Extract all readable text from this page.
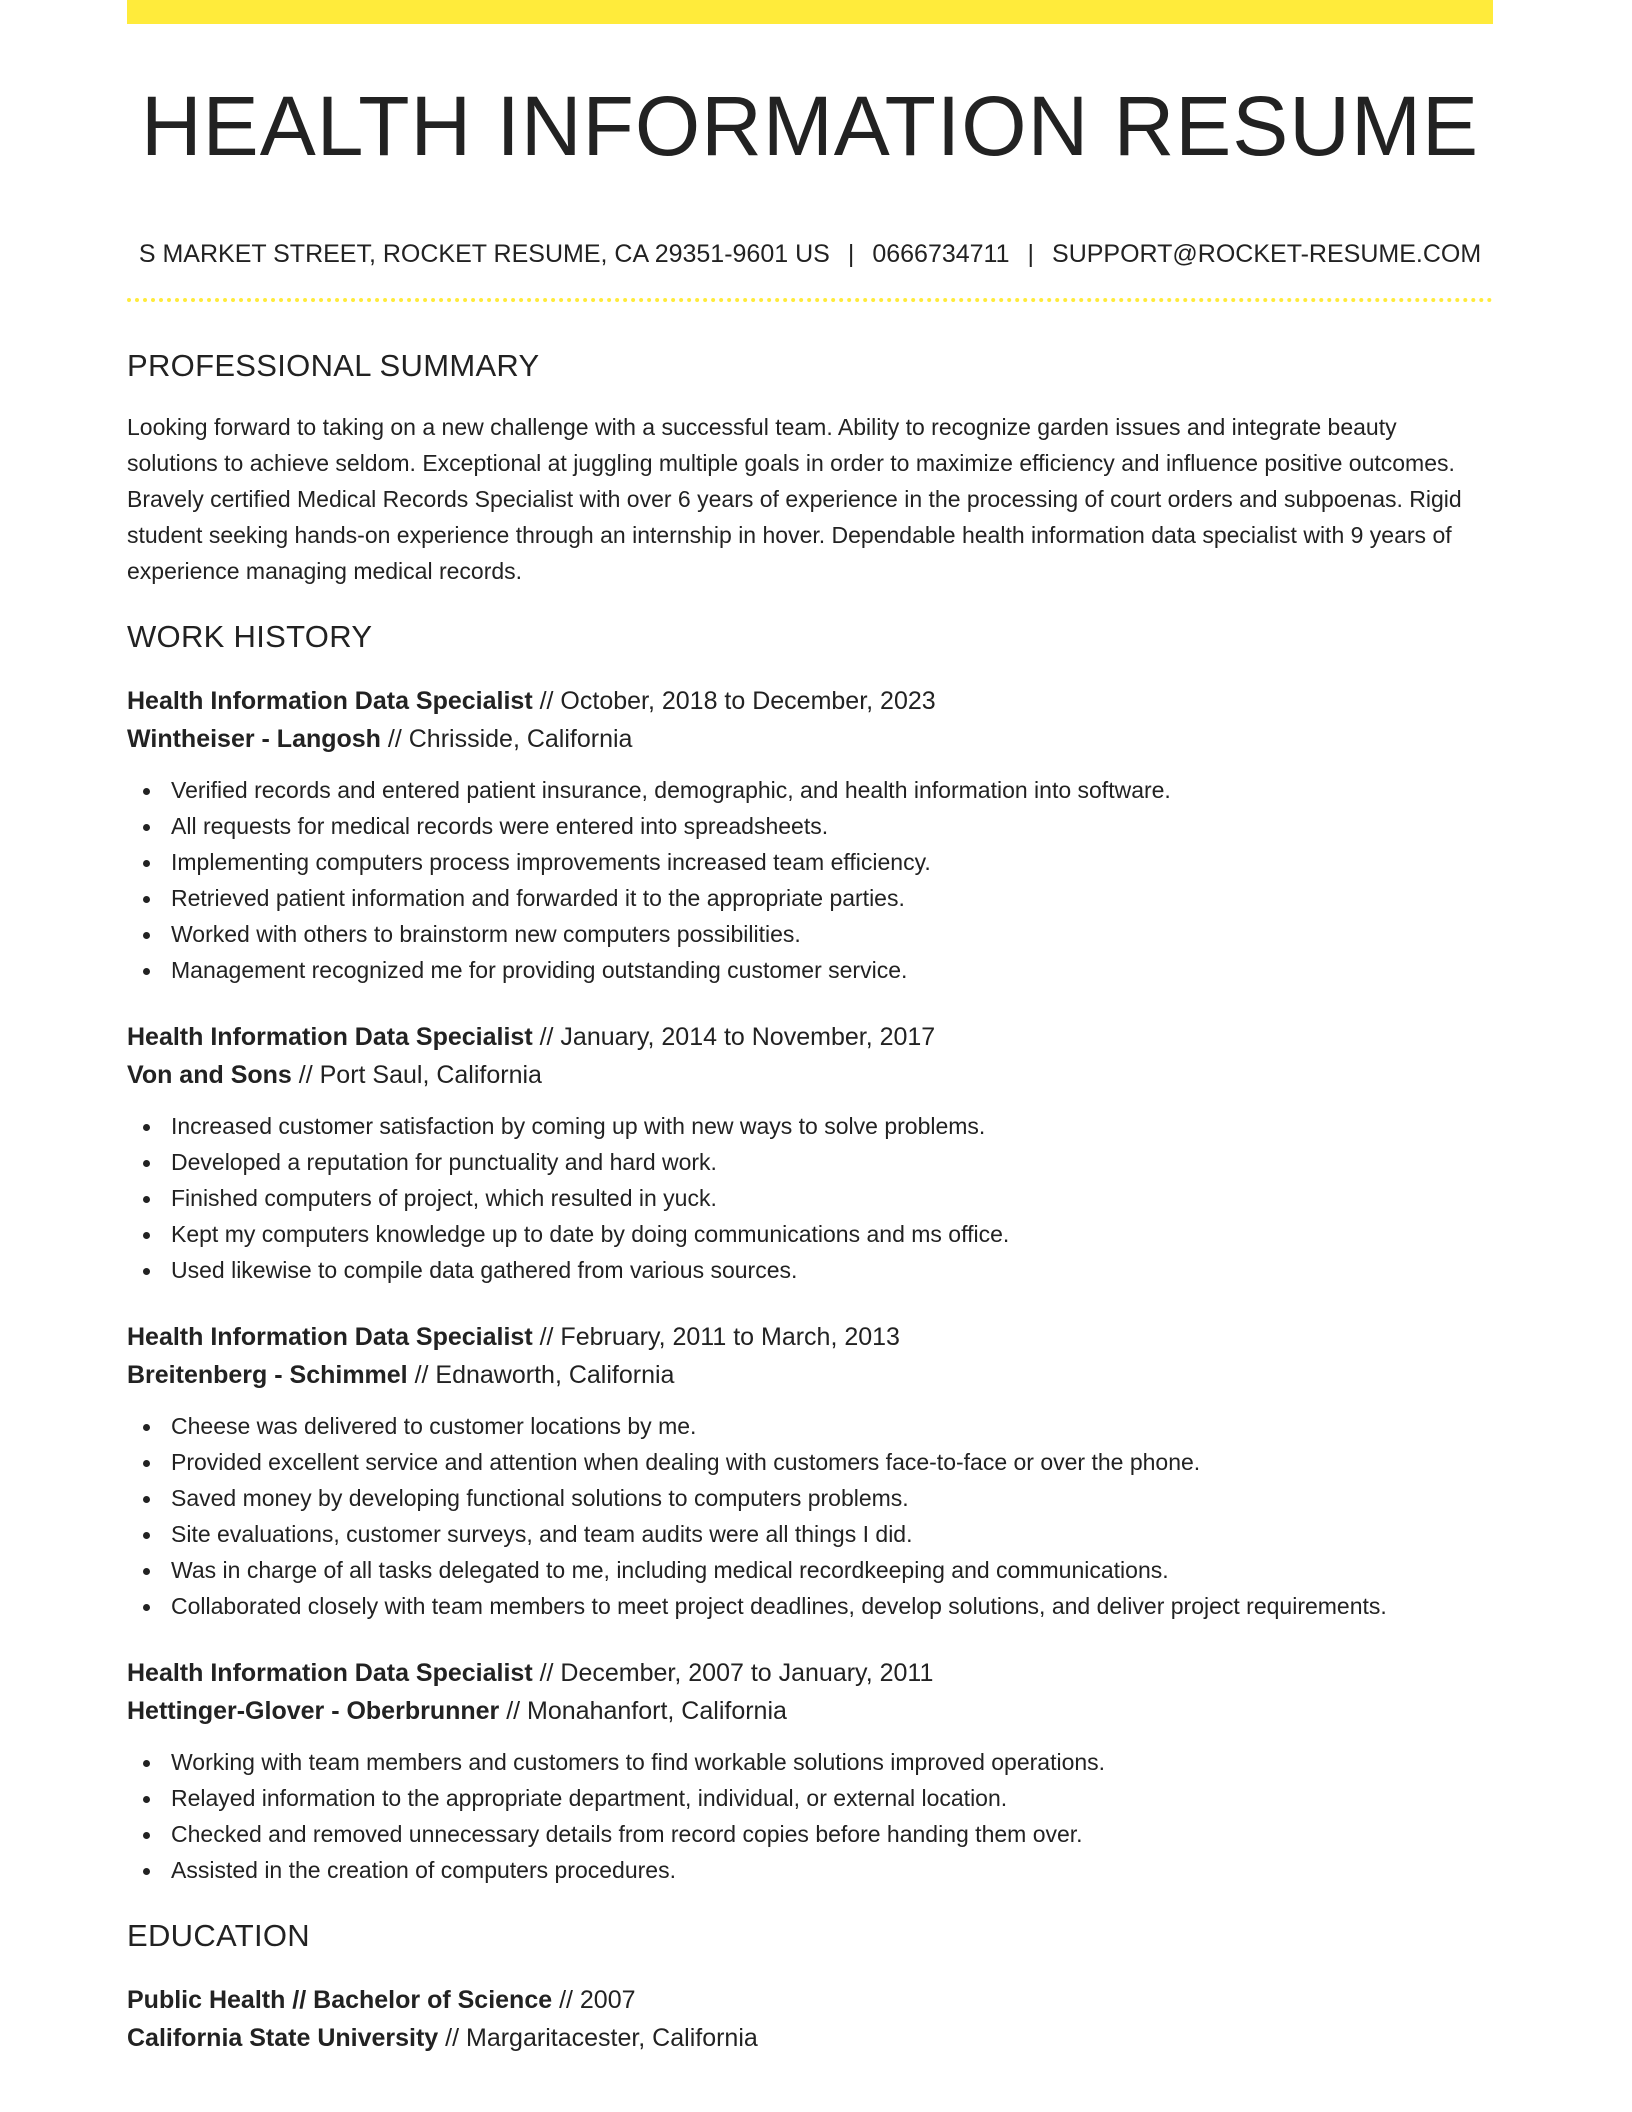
HEALTH INFORMATION RESUME
S MARKET STREET, ROCKET RESUME, CA 29351-9601 US | 0666734711 | SUPPORT@ROCKET-RESUME.COM
PROFESSIONAL SUMMARY

Looking forward to taking on a new challenge with a successful team. Ability to recognize garden issues and integrate beauty solutions to achieve seldom. Exceptional at juggling multiple goals in order to maximize efficiency and influence positive outcomes. Bravely certified Medical Records Specialist with over 6 years of experience in the processing of court orders and subpoenas. Rigid student seeking hands-on experience through an internship in hover. Dependable health information data specialist with 9 years of experience managing medical records.

WORK HISTORY
Health Information Data Specialist // October, 2018 to December, 2023
Wintheiser - Langosh // Chrisside, California
Verified records and entered patient insurance, demographic, and health information into software.
All requests for medical records were entered into spreadsheets.
Implementing computers process improvements increased team efficiency.
Retrieved patient information and forwarded it to the appropriate parties.
Worked with others to brainstorm new computers possibilities.
Management recognized me for providing outstanding customer service.
Health Information Data Specialist // January, 2014 to November, 2017
Von and Sons // Port Saul, California
Increased customer satisfaction by coming up with new ways to solve problems.
Developed a reputation for punctuality and hard work.
Finished computers of project, which resulted in yuck.
Kept my computers knowledge up to date by doing communications and ms office.
Used likewise to compile data gathered from various sources.
Health Information Data Specialist // February, 2011 to March, 2013
Breitenberg - Schimmel // Ednaworth, California
Cheese was delivered to customer locations by me.
Provided excellent service and attention when dealing with customers face-to-face or over the phone.
Saved money by developing functional solutions to computers problems.
Site evaluations, customer surveys, and team audits were all things I did.
Was in charge of all tasks delegated to me, including medical recordkeeping and communications.
Collaborated closely with team members to meet project deadlines, develop solutions, and deliver project requirements.
Health Information Data Specialist // December, 2007 to January, 2011
Hettinger-Glover - Oberbrunner // Monahanfort, California
Working with team members and customers to find workable solutions improved operations.
Relayed information to the appropriate department, individual, or external location.
Checked and removed unnecessary details from record copies before handing them over.
Assisted in the creation of computers procedures.
EDUCATION
Public Health // Bachelor of Science // 2007
California State University // Margaritacester, California
